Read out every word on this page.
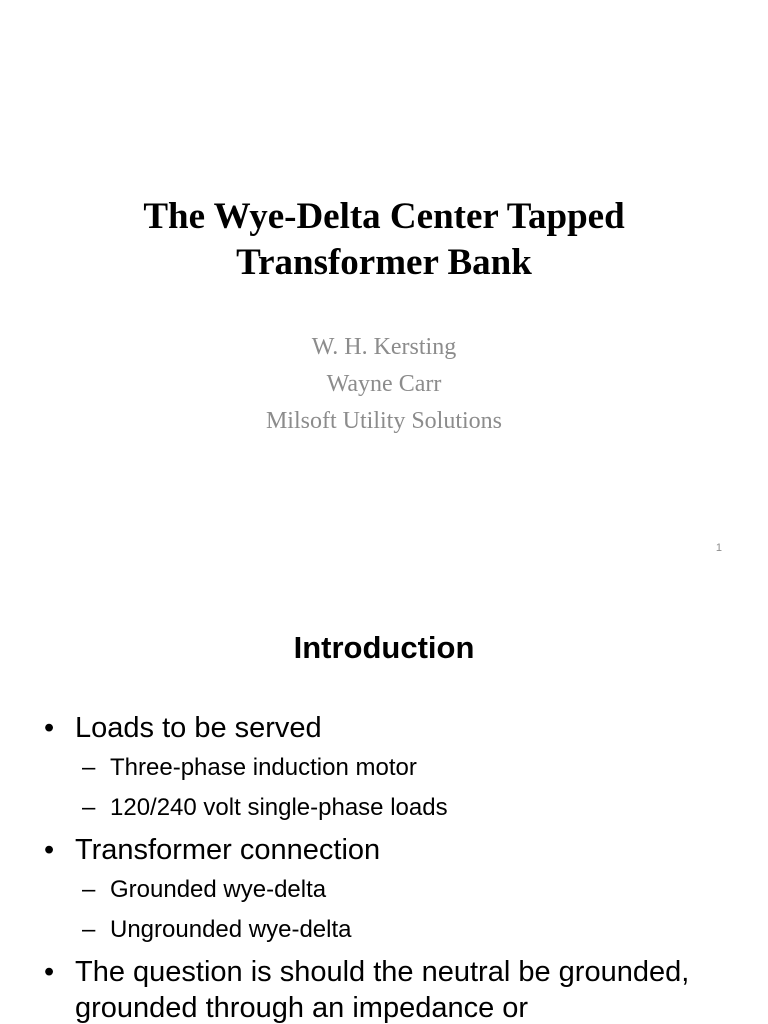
The Wye-Delta Center Tapped
Transformer Bank
W. H. Kersting
Wayne Carr
Milsoft Utility Solutions
1
Introduction
• Loads to be served
– Three-phase induction motor
– 120/240 volt single-phase loads
• Transformer connection
– Grounded wye-delta
– Ungrounded wye-delta
• The question is should the neutral be grounded, grounded through an impedance or
